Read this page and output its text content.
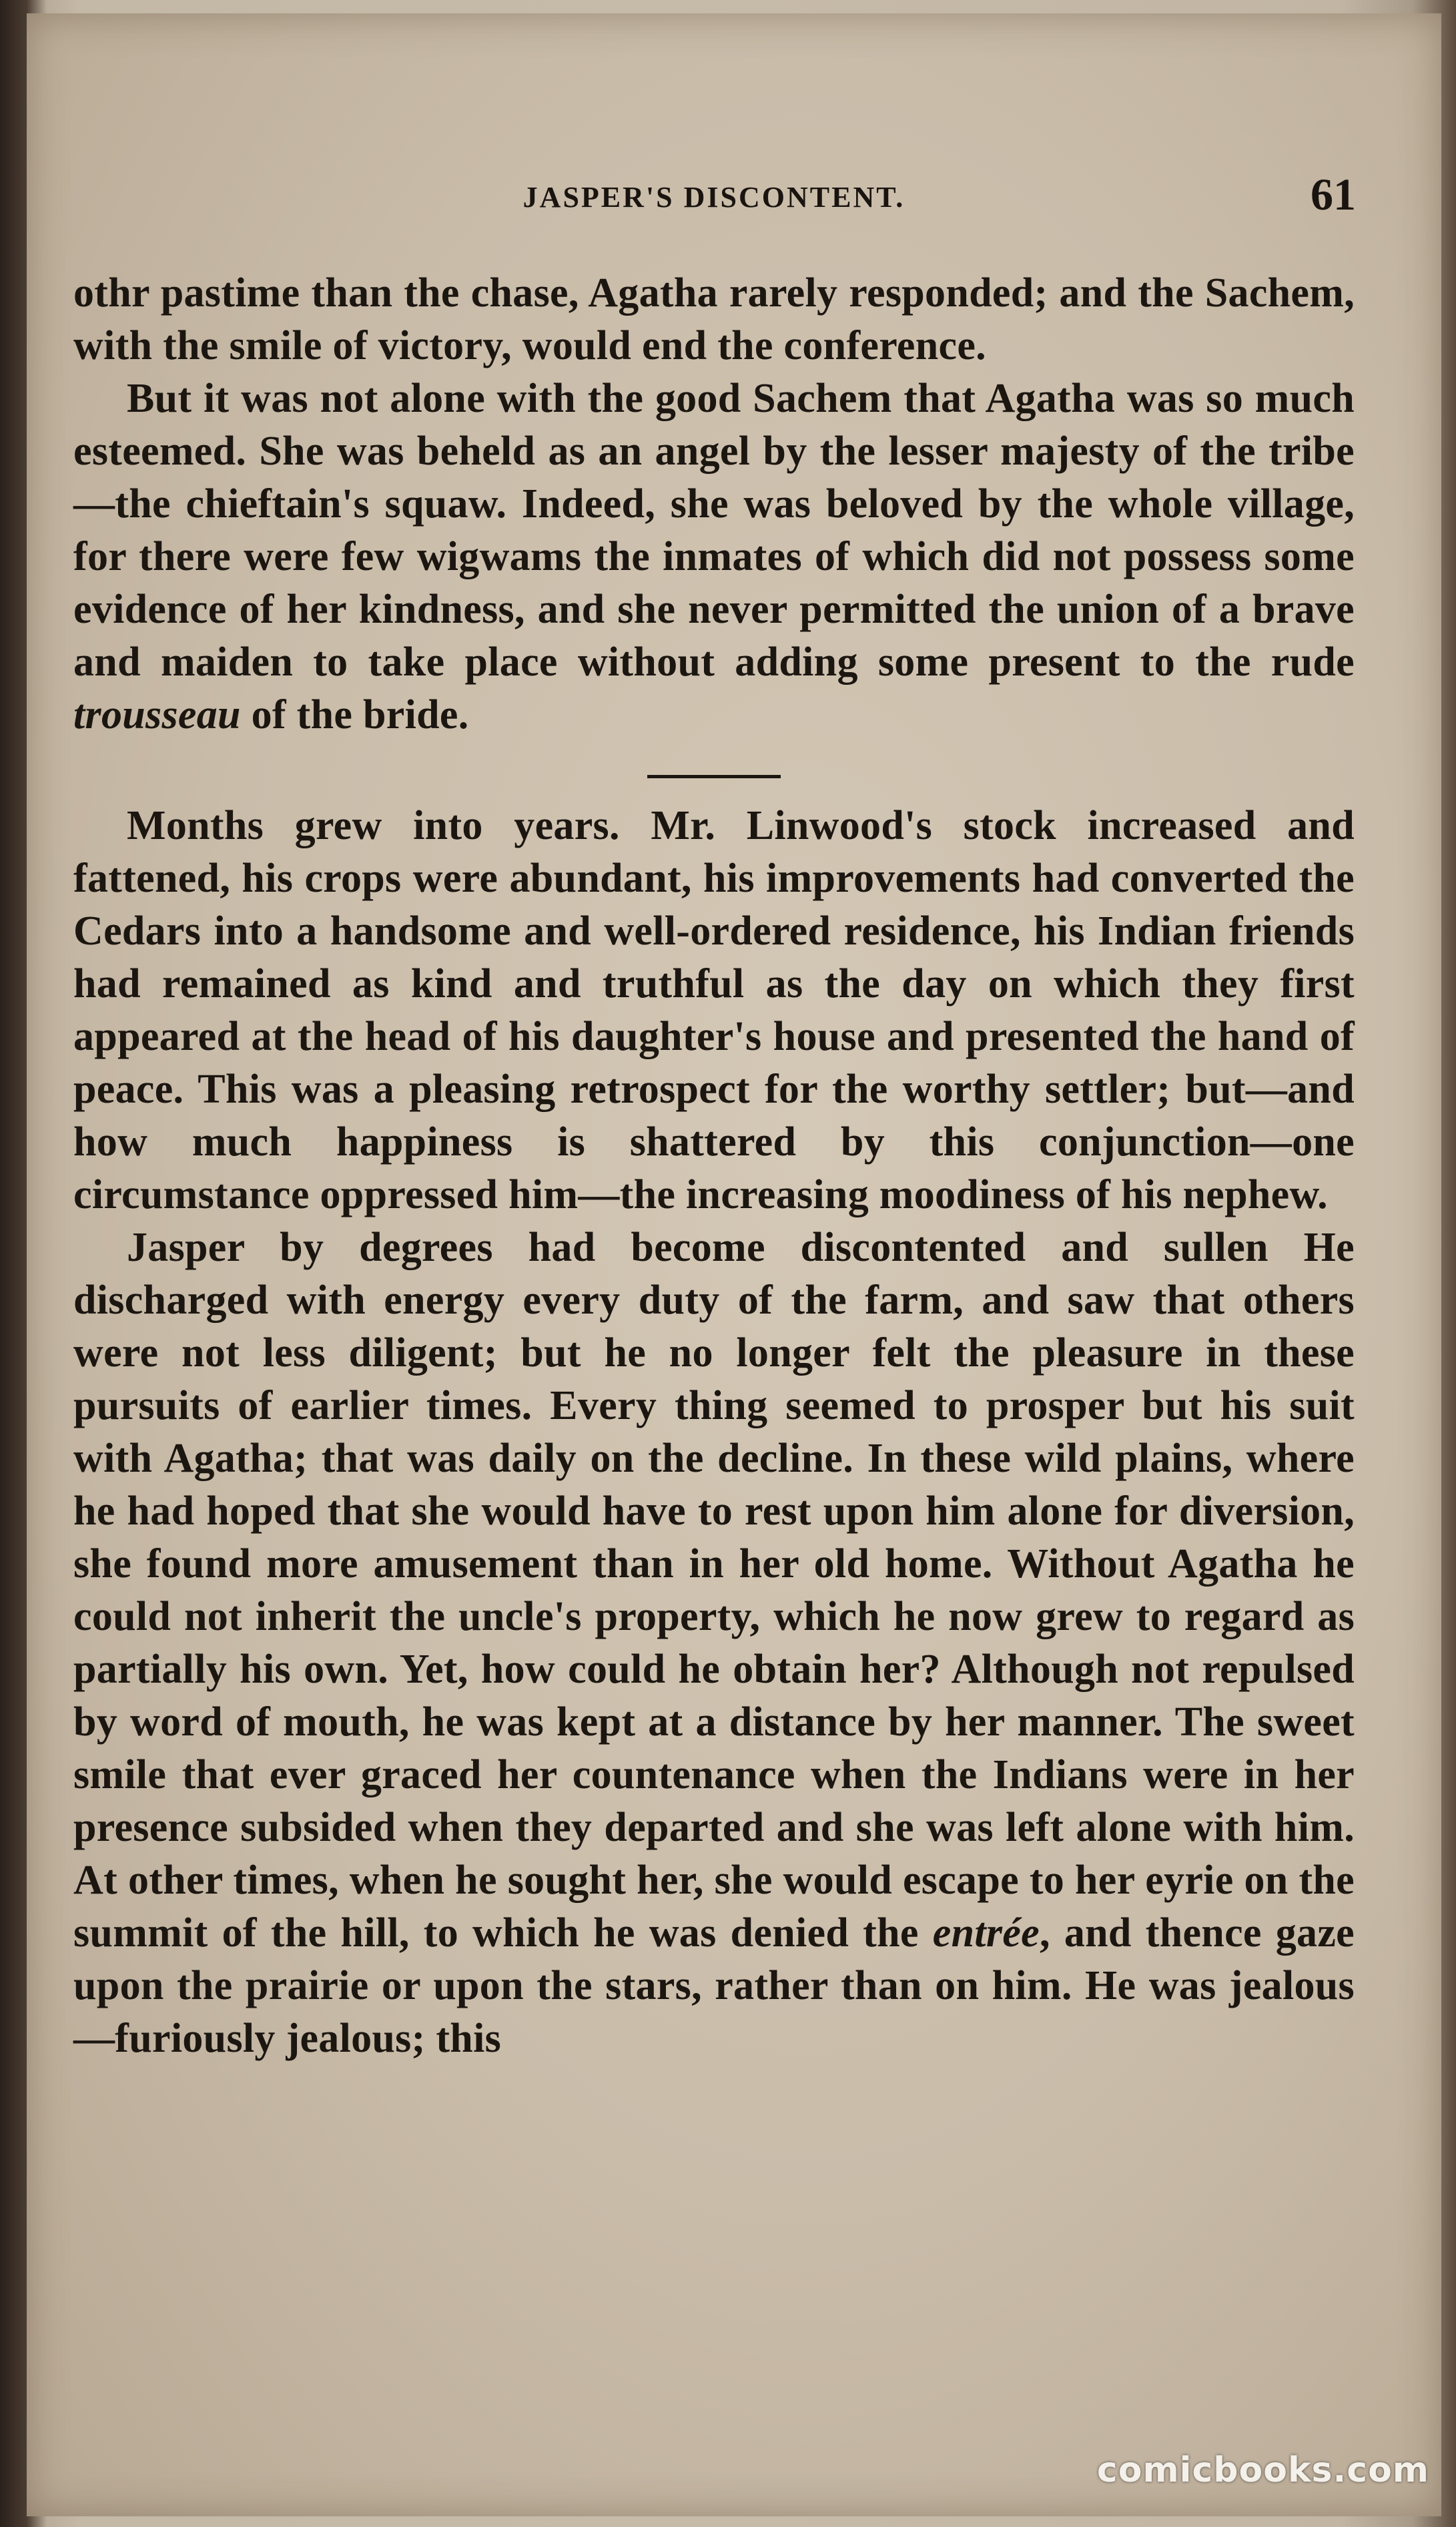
JASPER'S DISCONTENT.	61

othr pastime than the chase, Agatha rarely responded; and the Sachem, with the smile of victory, would end the conference.

But it was not alone with the good Sachem that Agatha was so much esteemed. She was beheld as an angel by the lesser majesty of the tribe—the chieftain's squaw. Indeed, she was beloved by the whole village, for there were few wigwams the inmates of which did not possess some evidence of her kindness, and she never permitted the union of a brave and maiden to take place without adding some present to the rude trousseau of the bride.

Months grew into years. Mr. Linwood's stock increased and fattened, his crops were abundant, his improvements had converted the Cedars into a handsome and well-ordered residence, his Indian friends had remained as kind and truthful as the day on which they first appeared at the head of his daughter's house and presented the hand of peace. This was a pleasing retrospect for the worthy settler; but—and how much happiness is shattered by this conjunction—one circumstance oppressed him—the increasing moodiness of his nephew.

Jasper by degrees had become discontented and sullen He discharged with energy every duty of the farm, and saw that others were not less diligent; but he no longer felt the pleasure in these pursuits of earlier times. Every thing seemed to prosper but his suit with Agatha; that was daily on the decline. In these wild plains, where he had hoped that she would have to rest upon him alone for diversion, she found more amusement than in her old home. Without Agatha he could not inherit the uncle's property, which he now grew to regard as partially his own. Yet, how could he obtain her? Although not repulsed by word of mouth, he was kept at a distance by her manner. The sweet smile that ever graced her countenance when the Indians were in her presence subsided when they departed and she was left alone with him. At other times, when he sought her, she would escape to her eyrie on the summit of the hill, to which he was denied the entrée, and thence gaze upon the prairie or upon the stars, rather than on him. He was jealous—furiously jealous; this

comicbooks.com
